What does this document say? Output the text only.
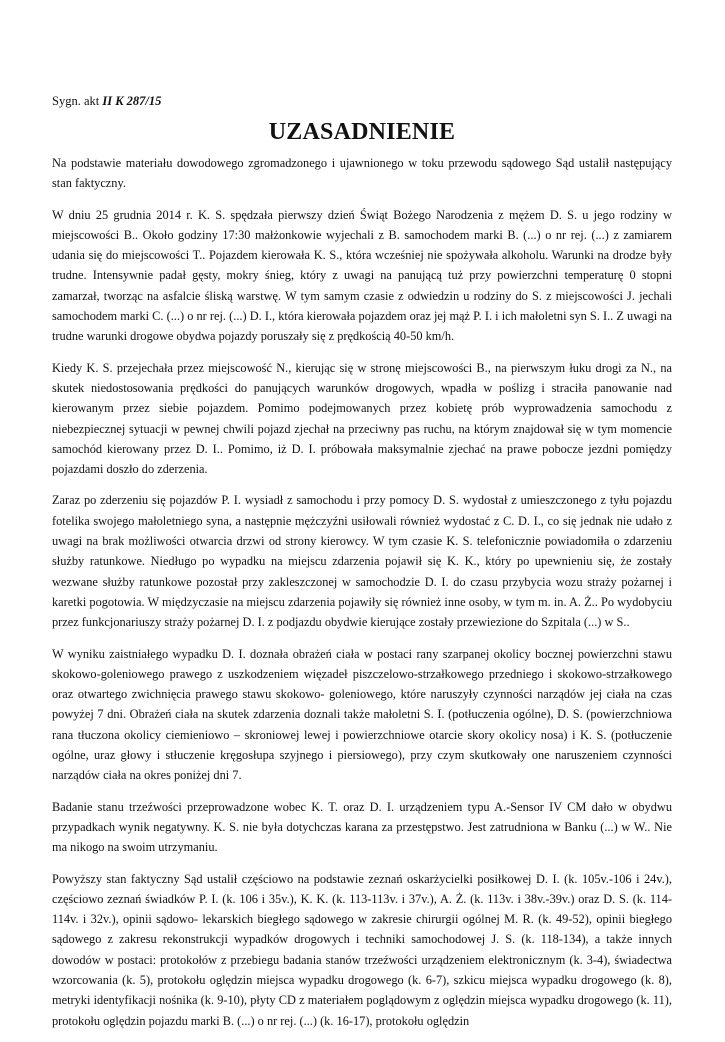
Sygn. akt II K 287/15

UZASADNIENIE

Na podstawie materiału dowodowego zgromadzonego i ujawnionego w toku przewodu sądowego Sąd ustalił następujący stan faktyczny.

W dniu 25 grudnia 2014 r. K. S. spędzała pierwszy dzień Świąt Bożego Narodzenia z mężem D. S. u jego rodziny w miejscowości B.. Około godziny 17:30 małżonkowie wyjechali z B. samochodem marki B. (...) o nr rej. (...) z zamiarem udania się do miejscowości T.. Pojazdem kierowała K. S., która wcześniej nie spożywała alkoholu. Warunki na drodze były trudne. Intensywnie padał gęsty, mokry śnieg, który z uwagi na panującą tuż przy powierzchni temperaturę 0 stopni zamarzał, tworząc na asfalcie śliską warstwę. W tym samym czasie z odwiedzin u rodziny do S. z miejscowości J. jechali samochodem marki C. (...) o nr rej. (...) D. I., która kierowała pojazdem oraz jej mąż P. I. i ich małoletni syn S. I.. Z uwagi na trudne warunki drogowe obydwa pojazdy poruszały się z prędkością 40-50 km/h.

Kiedy K. S. przejechała przez miejscowość N., kierując się w stronę miejscowości B., na pierwszym łuku drogi za N., na skutek niedostosowania prędkości do panujących warunków drogowych, wpadła w poślizg i straciła panowanie nad kierowanym przez siebie pojazdem. Pomimo podejmowanych przez kobietę prób wyprowadzenia samochodu z niebezpiecznej sytuacji w pewnej chwili pojazd zjechał na przeciwny pas ruchu, na którym znajdował się w tym momencie samochód kierowany przez D. I.. Pomimo, iż D. I. próbowała maksymalnie zjechać na prawe pobocze jezdni pomiędzy pojazdami doszło do zderzenia.

Zaraz po zderzeniu się pojazdów P. I. wysiadł z samochodu i przy pomocy D. S. wydostał z umieszczonego z tyłu pojazdu fotelika swojego małoletniego syna, a następnie mężczyźni usiłowali również wydostać z C. D. I., co się jednak nie udało z uwagi na brak możliwości otwarcia drzwi od strony kierowcy. W tym czasie K. S. telefonicznie powiadomiła o zdarzeniu służby ratunkowe. Niedługo po wypadku na miejscu zdarzenia pojawił się K. K., który po upewnieniu się, że zostały wezwane służby ratunkowe pozostał przy zakleszczonej w samochodzie D. I. do czasu przybycia wozu straży pożarnej i karetki pogotowia. W międzyczasie na miejscu zdarzenia pojawiły się również inne osoby, w tym m. in. A. Ż.. Po wydobyciu przez funkcjonariuszy straży pożarnej D. I. z podjazdu obydwie kierujące zostały przewiezione do Szpitala (...) w S..

W wyniku zaistniałego wypadku D. I. doznała obrażeń ciała w postaci rany szarpanej okolicy bocznej powierzchni stawu skokowo-goleniowego prawego z uszkodzeniem więzadeł piszczelowo-strzałkowego przedniego i skokowo-strzałkowego oraz otwartego zwichnięcia prawego stawu skokowo- goleniowego, które naruszyły czynności narządów jej ciała na czas powyżej 7 dni. Obrażeń ciała na skutek zdarzenia doznali także małoletni S. I. (potłuczenia ogólne), D. S. (powierzchniowa rana tłuczona okolicy ciemieniowo – skroniowej lewej i powierzchniowe otarcie skory okolicy nosa) i K. S. (potłuczenie ogólne, uraz głowy i stłuczenie kręgosłupa szyjnego i piersiowego), przy czym skutkowały one naruszeniem czynności narządów ciała na okres poniżej dni 7.

Badanie stanu trzeźwości przeprowadzone wobec K. T. oraz D. I. urządzeniem typu A.-Sensor IV CM dało w obydwu przypadkach wynik negatywny. K. S. nie była dotychczas karana za przestępstwo. Jest zatrudniona w Banku (...) w W.. Nie ma nikogo na swoim utrzymaniu.

Powyższy stan faktyczny Sąd ustalił częściowo na podstawie zeznań oskarżycielki posiłkowej D. I. (k. 105v.-106 i 24v.), częściowo zeznań świadków P. I. (k. 106 i 35v.), K. K. (k. 113-113v. i 37v.), A. Ż. (k. 113v. i 38v.-39v.) oraz D. S. (k. 114-114v. i 32v.), opinii sądowo- lekarskich biegłego sądowego w zakresie chirurgii ogólnej M. R. (k. 49-52), opinii biegłego sądowego z zakresu rekonstrukcji wypadków drogowych i techniki samochodowej J. S. (k. 118-134), a także innych dowodów w postaci: protokołów z przebiegu badania stanów trzeźwości urządzeniem elektronicznym (k. 3-4), świadectwa wzorcowania (k. 5), protokołu oględzin miejsca wypadku drogowego (k. 6-7), szkicu miejsca wypadku drogowego (k. 8), metryki identyfikacji nośnika (k. 9-10), płyty CD z materiałem poglądowym z oględzin miejsca wypadku drogowego (k. 11), protokołu oględzin pojazdu marki B. (...) o nr rej. (...) (k. 16-17), protokołu oględzin
